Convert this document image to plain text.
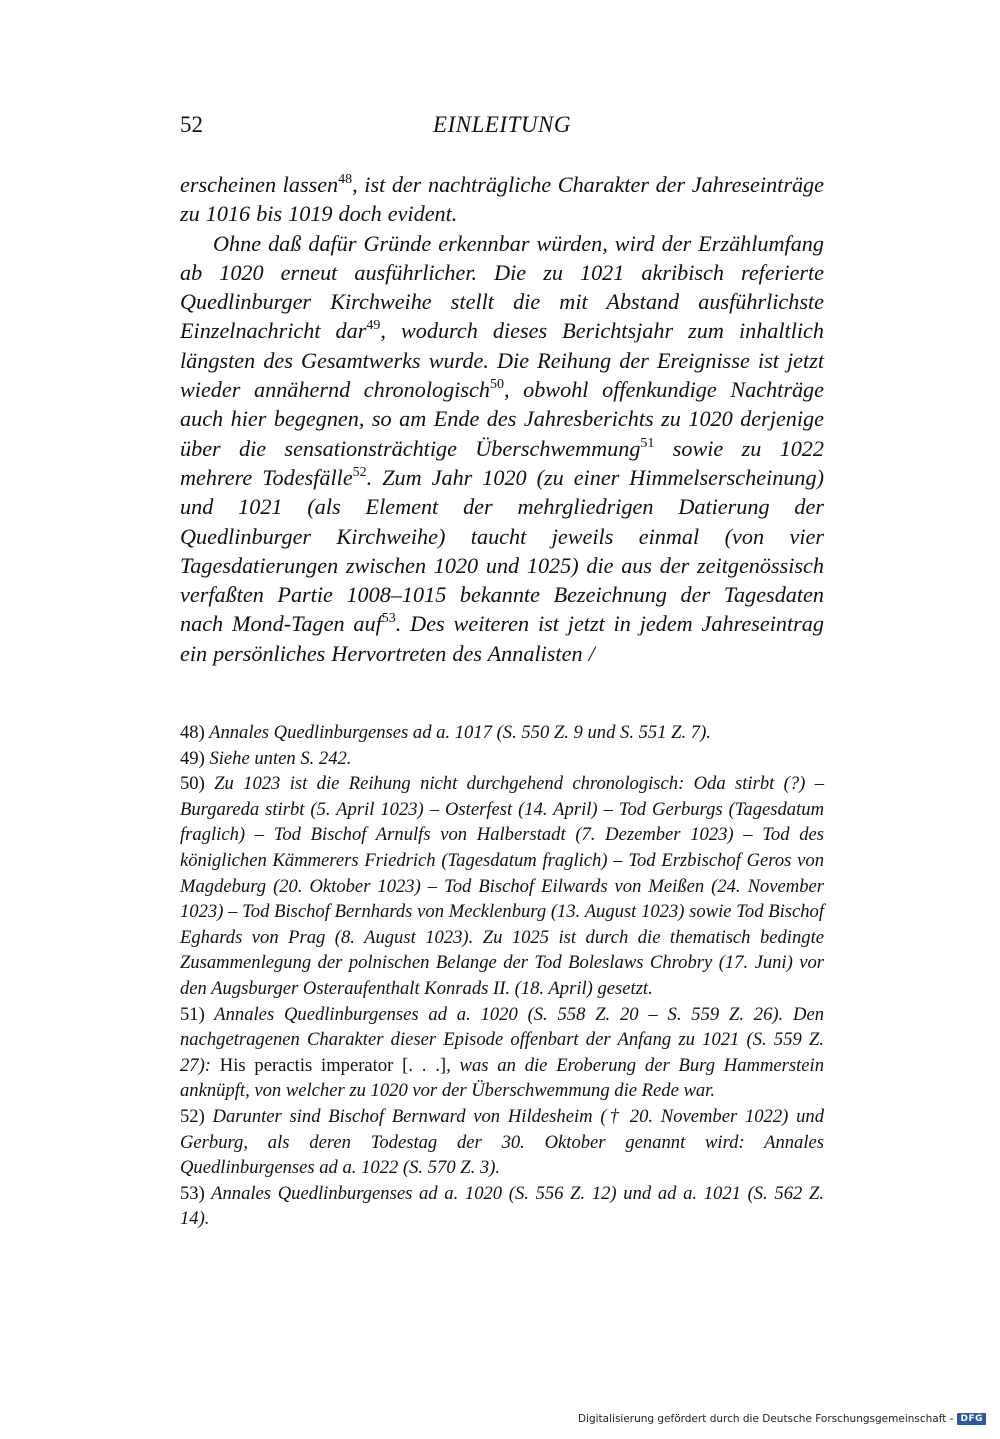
52	EINLEITUNG

erscheinen lassen$^{48}$, ist der nachträgliche Charakter der Jahreseinträge zu 1016 bis 1019 doch evident.

Ohne daß dafür Gründe erkennbar würden, wird der Erzählumfang ab 1020 erneut ausführlicher. Die zu 1021 akribisch referierte Quedlinburger Kirchweihe stellt die mit Abstand ausführlichste Einzelnachricht dar$^{49}$, wodurch dieses Berichtsjahr zum inhaltlich längsten des Gesamtwerks wurde. Die Reihung der Ereignisse ist jetzt wieder annähernd chronologisch$^{50}$, obwohl offenkundige Nachträge auch hier begegnen, so am Ende des Jahresberichts zu 1020 derjenige über die sensationsträchtige Überschwemmung$^{51}$ sowie zu 1022 mehrere Todesfälle$^{52}$. Zum Jahr 1020 (zu einer Himmelserscheinung) und 1021 (als Element der mehrgliedrigen Datierung der Quedlinburger Kirchweihe) taucht jeweils einmal (von vier Tagesdatierungen zwischen 1020 und 1025) die aus der zeitgenössisch verfaßten Partie 1008–1015 bekannte Bezeichnung der Tagesdaten nach Mond-Tagen auf$^{53}$. Des weiteren ist jetzt in jedem Jahreseintrag ein persönliches Hervortreten des Annalisten /

48) Annales Quedlinburgenses ad a. 1017 (S. 550 Z. 9 und S. 551 Z. 7).

49) Siehe unten S. 242.

50) Zu 1023 ist die Reihung nicht durchgehend chronologisch: Oda stirbt (?) – Burgareda stirbt (5. April 1023) – Osterfest (14. April) – Tod Gerburgs (Tagesdatum fraglich) – Tod Bischof Arnulfs von Halberstadt (7. Dezember 1023) – Tod des königlichen Kämmerers Friedrich (Tagesdatum fraglich) – Tod Erzbischof Geros von Magdeburg (20. Oktober 1023) – Tod Bischof Eilwards von Meißen (24. November 1023) – Tod Bischof Bernhards von Mecklenburg (13. August 1023) sowie Tod Bischof Eghards von Prag (8. August 1023). Zu 1025 ist durch die thematisch bedingte Zusammenlegung der polnischen Belange der Tod Boleslaws Chrobry (17. Juni) vor den Augsburger Osteraufenthalt Konrads II. (18. April) gesetzt.

51) Annales Quedlinburgenses ad a. 1020 (S. 558 Z. 20 – S. 559 Z. 26). Den nachgetragenen Charakter dieser Episode offenbart der Anfang zu 1021 (S. 559 Z. 27): His peractis imperator [. . .], was an die Eroberung der Burg Hammerstein anknüpft, von welcher zu 1020 vor der Überschwemmung die Rede war.

52) Darunter sind Bischof Bernward von Hildesheim († 20. November 1022) und Gerburg, als deren Todestag der 30. Oktober genannt wird: Annales Quedlinburgenses ad a. 1022 (S. 570 Z. 3).

53) Annales Quedlinburgenses ad a. 1020 (S. 556 Z. 12) und ad a. 1021 (S. 562 Z. 14).

Digitalisierung gefördert durch die Deutsche Forschungsgemeinschaft - DFG
